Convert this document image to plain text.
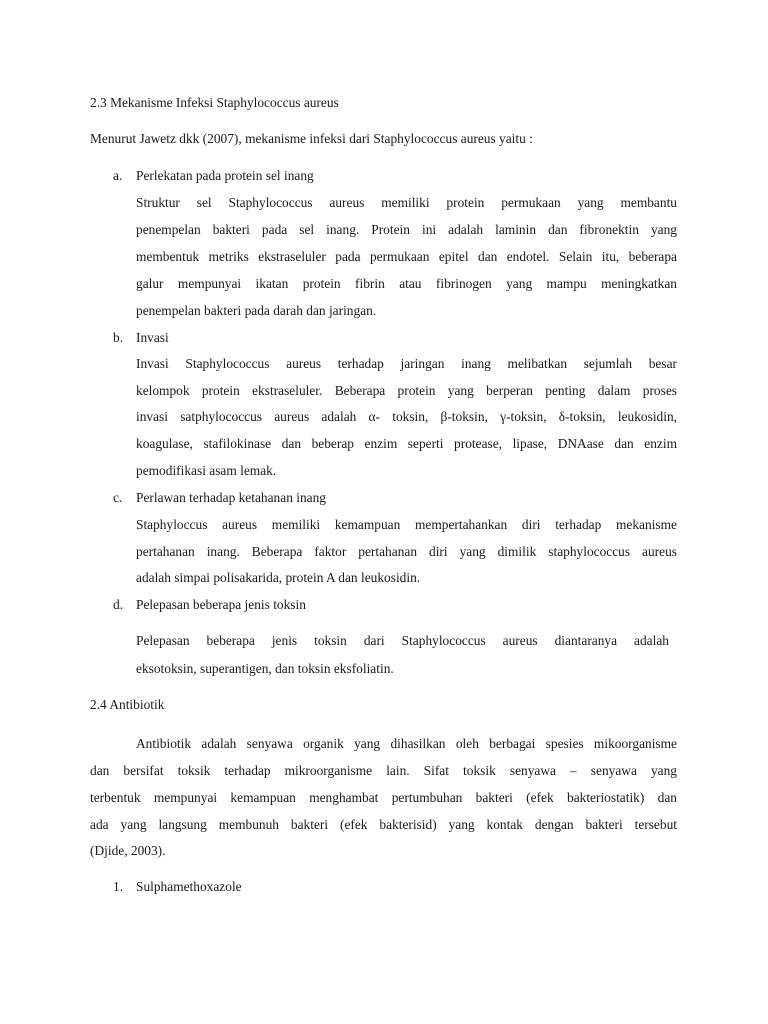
2.3 Mekanisme Infeksi Staphylococcus aureus
Menurut Jawetz dkk (2007), mekanisme infeksi dari Staphylococcus aureus yaitu :
a. Perlekatan pada protein sel inang
Struktur sel Staphylococcus aureus memiliki protein permukaan yang membantu
penempelan bakteri pada sel inang. Protein ini adalah laminin dan fibronektin yang
membentuk metriks ekstraseluler pada permukaan epitel dan endotel. Selain itu, beberapa
galur mempunyai ikatan protein fibrin atau fibrinogen yang mampu meningkatkan
penempelan bakteri pada darah dan jaringan.
b. Invasi
Invasi Staphylococcus aureus terhadap jaringan inang melibatkan sejumlah besar
kelompok protein ekstraseluler. Beberapa protein yang berperan penting dalam proses
invasi satphylococcus aureus adalah α- toksin, β-toksin, γ-toksin, δ-toksin, leukosidin,
koagulase, stafilokinase dan beberap enzim seperti protease, lipase, DNAase dan enzim
pemodifikasi asam lemak.
c. Perlawan terhadap ketahanan inang
Staphyloccus aureus memiliki kemampuan mempertahankan diri terhadap mekanisme
pertahanan inang. Beberapa faktor pertahanan diri yang dimilik staphylococcus aureus
adalah simpai polisakarida, protein A dan leukosidin.
d. Pelepasan beberapa jenis toksin
Pelepasan beberapa jenis toksin dari Staphylococcus aureus diantaranya adalah
eksotoksin, superantigen, dan toksin eksfoliatin.
2.4 Antibiotik
Antibiotik adalah senyawa organik yang dihasilkan oleh berbagai spesies mikoorganisme
dan bersifat toksik terhadap mikroorganisme lain. Sifat toksik senyawa – senyawa yang
terbentuk mempunyai kemampuan menghambat pertumbuhan bakteri (efek bakteriostatik) dan
ada yang langsung membunuh bakteri (efek bakterisid) yang kontak dengan bakteri tersebut
(Djide, 2003).
1. Sulphamethoxazole
